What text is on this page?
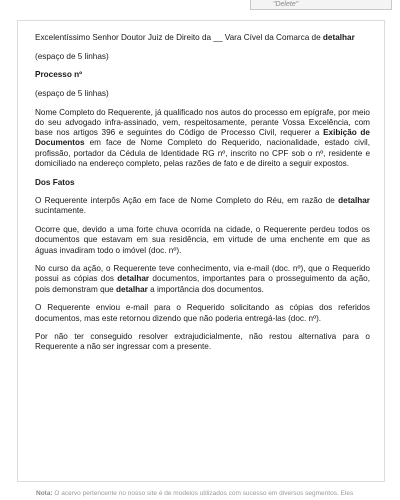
"Delete"

Excelentíssimo Senhor Doutor Juiz de Direito da __ Vara Cível da Comarca de detalhar

(espaço de 5 linhas)

Processo nº

(espaço de 5 linhas)

Nome Completo do Requerente, já qualificado nos autos do processo em epígrafe, por meio do seu advogado infra-assinado, vem, respeitosamente, perante Vossa Excelência, com base nos artigos 396 e seguintes do Código de Processo Civil, requerer a Exibição de Documentos em face de Nome Completo do Requerido, nacionalidade, estado civil, profissão, portador da Cédula de Identidade RG nº, inscrito no CPF sob o nº, residente e domiciliado na endereço completo, pelas razões de fato e de direito a seguir expostos.

Dos Fatos

O Requerente interpôs Ação em face de Nome Completo do Réu, em razão de detalhar sucintamente.

Ocorre que, devido a uma forte chuva ocorrida na cidade, o Requerente perdeu todos os documentos que estavam em sua residência, em virtude de uma enchente em que as águas invadiram todo o imóvel (doc. nº).

No curso da ação, o Requerente teve conhecimento, via e-mail (doc. nº), que o Requerido possui as cópias dos detalhar documentos, importantes para o prosseguimento da ação, pois demonstram que detalhar a importância dos documentos.

O Requerente enviou e-mail para o Requerido solicitando as cópias dos referidos documentos, mas este retornou dizendo que não poderia entregá-las (doc. nº).

Por não ter conseguido resolver extrajudicialmente, não restou alternativa para o Requerente a não ser ingressar com a presente.

Nota: O acervo pertencente no nosso site é de modelos utilizados com sucesso em diversos segmentos. Eles
